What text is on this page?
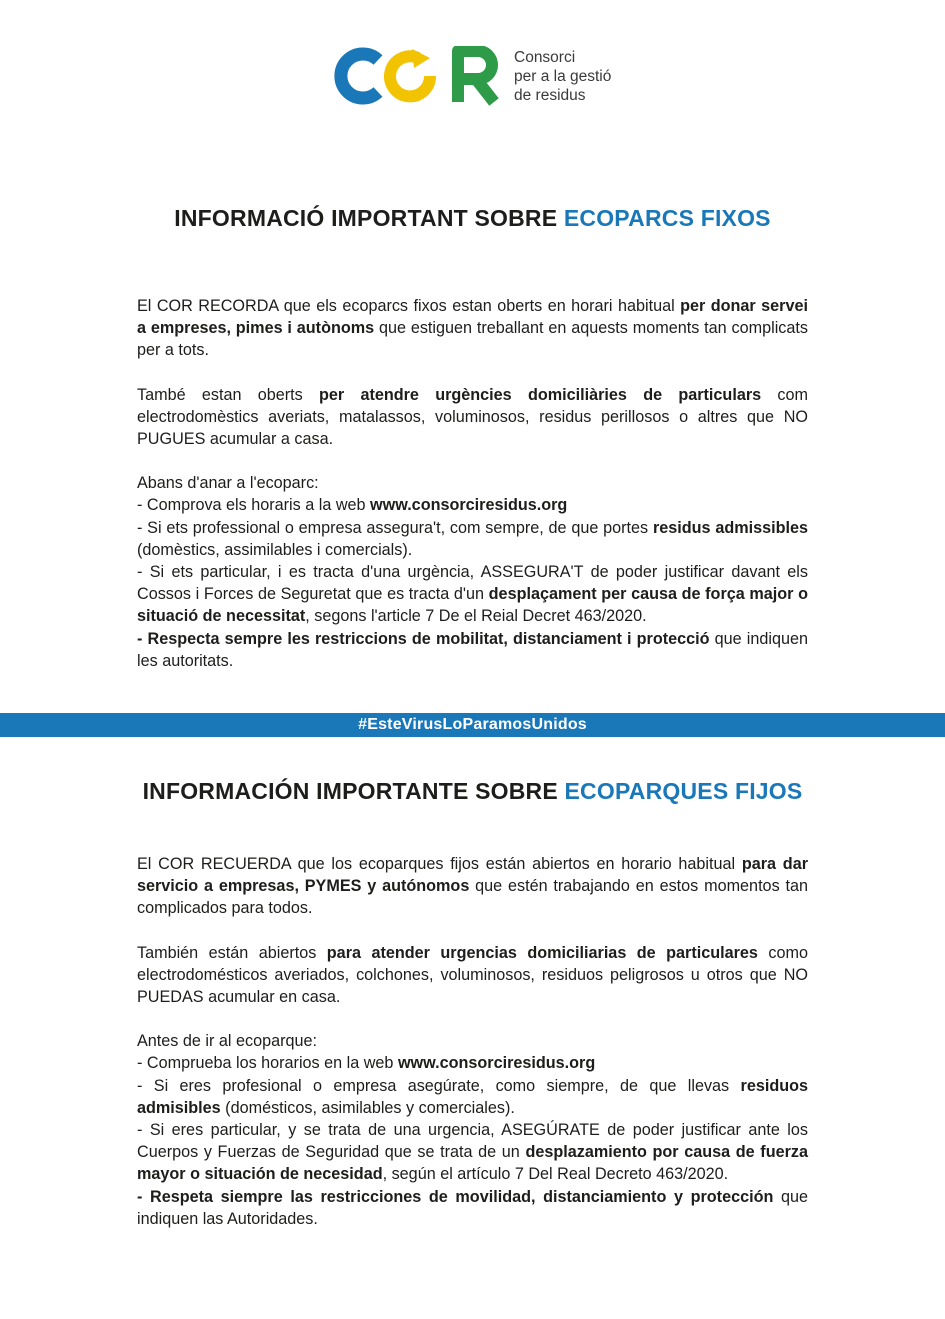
Consorci
per a la gestió
de residus
INFORMACIÓ IMPORTANT SOBRE ECOPARCS FIXOS

El COR RECORDA que els ecoparcs fixos estan oberts en horari habitual per donar servei a empreses, pimes i autònoms que estiguen treballant en aquests moments tan complicats per a tots.

També estan oberts per atendre urgències domiciliàries de particulars com electrodomèstics averiats, matalassos, voluminosos, residus perillosos o altres que NO PUGUES acumular a casa.

Abans d'anar a l'ecoparc:

- Comprova els horaris a la web www.consorciresidus.org

- Si ets professional o empresa assegura't, com sempre, de que portes residus admissibles (domèstics, assimilables i comercials).

- Si ets particular, i es tracta d'una urgència, ASSEGURA'T de poder justificar davant els Cossos i Forces de Seguretat que es tracta d'un desplaçament per causa de força major o situació de necessitat, segons l'article 7 De el Reial Decret 463/2020.

- Respecta sempre les restriccions de mobilitat, distanciament i protecció que indiquen les autoritats.

#EsteVirusLoParamosUnidos
INFORMACIÓN IMPORTANTE SOBRE ECOPARQUES FIJOS

El COR RECUERDA que los ecoparques fijos están abiertos en horario habitual para dar servicio a empresas, PYMES y autónomos que estén trabajando en estos momentos tan complicados para todos.

También están abiertos para atender urgencias domiciliarias de particulares como electrodomésticos averiados, colchones, voluminosos, residuos peligrosos u otros que NO PUEDAS acumular en casa.

Antes de ir al ecoparque:

- Comprueba los horarios en la web www.consorciresidus.org

- Si eres profesional o empresa asegúrate, como siempre, de que llevas residuos admisibles (domésticos, asimilables y comerciales).

- Si eres particular, y se trata de una urgencia, ASEGÚRATE de poder justificar ante los Cuerpos y Fuerzas de Seguridad que se trata de un desplazamiento por causa de fuerza mayor o situación de necesidad, según el artículo 7 Del Real Decreto 463/2020.

- Respeta siempre las restricciones de movilidad, distanciamiento y protección que indiquen las Autoridades.
